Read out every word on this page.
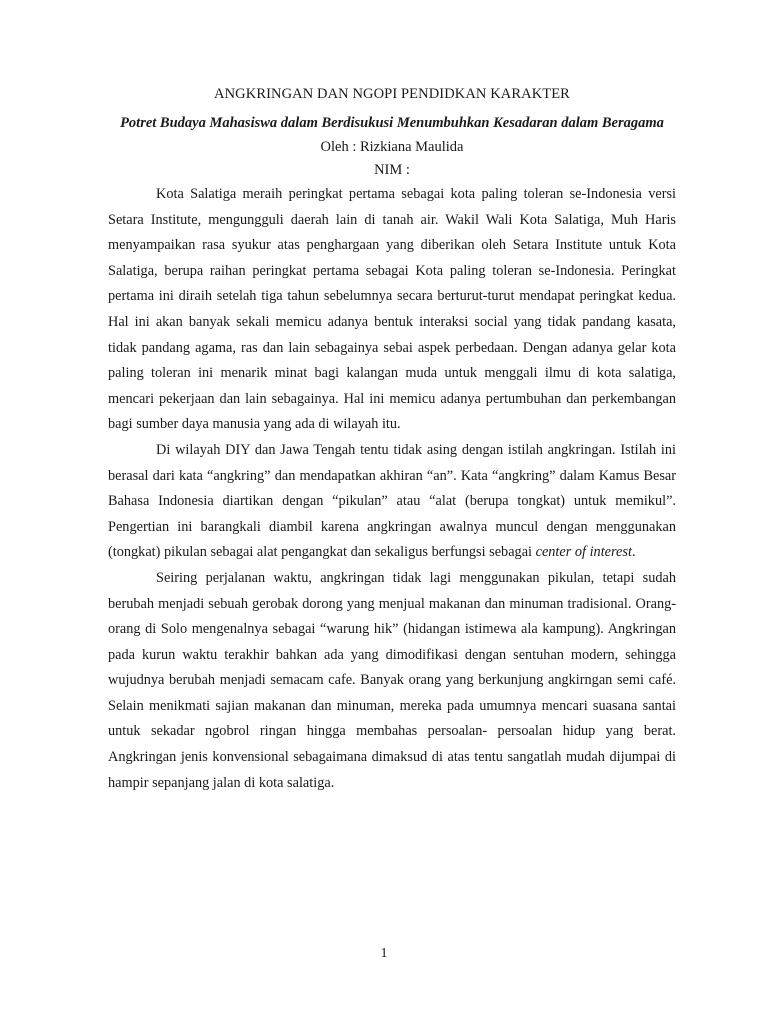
ANGKRINGAN DAN NGOPI PENDIDKAN KARAKTER

Potret Budaya Mahasiswa dalam Berdisukusi Menumbuhkan Kesadaran dalam Beragama

Oleh : Rizkiana Maulida

NIM :

Kota Salatiga meraih peringkat pertama sebagai kota paling toleran se-Indonesia versi Setara Institute, mengungguli daerah lain di tanah air. Wakil Wali Kota Salatiga, Muh Haris menyampaikan rasa syukur atas penghargaan yang diberikan oleh Setara Institute untuk Kota Salatiga, berupa raihan peringkat pertama sebagai Kota paling toleran se-Indonesia. Peringkat pertama ini diraih setelah tiga tahun sebelumnya secara berturut-turut mendapat peringkat kedua. Hal ini akan banyak sekali memicu adanya bentuk interaksi social yang tidak pandang kasata, tidak pandang agama, ras dan lain sebagainya sebai aspek perbedaan. Dengan adanya gelar kota paling toleran ini menarik minat bagi kalangan muda untuk menggali ilmu di kota salatiga, mencari pekerjaan dan lain sebagainya. Hal ini memicu adanya pertumbuhan dan perkembangan bagi sumber daya manusia yang ada di wilayah itu.

Di wilayah DIY dan Jawa Tengah tentu tidak asing dengan istilah angkringan. Istilah ini berasal dari kata “angkring” dan mendapatkan akhiran “an”. Kata “angkring” dalam Kamus Besar Bahasa Indonesia diartikan dengan “pikulan” atau “alat (berupa tongkat) untuk memikul”. Pengertian ini barangkali diambil karena angkringan awalnya muncul dengan menggunakan (tongkat) pikulan sebagai alat pengangkat dan sekaligus berfungsi sebagai center of interest.

Seiring perjalanan waktu, angkringan tidak lagi menggunakan pikulan, tetapi sudah berubah menjadi sebuah gerobak dorong yang menjual makanan dan minuman tradisional. Orang-orang di Solo mengenalnya sebagai “warung hik” (hidangan istimewa ala kampung). Angkringan pada kurun waktu terakhir bahkan ada yang dimodifikasi dengan sentuhan modern, sehingga wujudnya berubah menjadi semacam cafe. Banyak orang yang berkunjung angkirngan semi café. Selain menikmati sajian makanan dan minuman, mereka pada umumnya mencari suasana santai untuk sekadar ngobrol ringan hingga membahas persoalan- persoalan hidup yang berat. Angkringan jenis konvensional sebagaimana dimaksud di atas tentu sangatlah mudah dijumpai di hampir sepanjang jalan di kota salatiga.

1
